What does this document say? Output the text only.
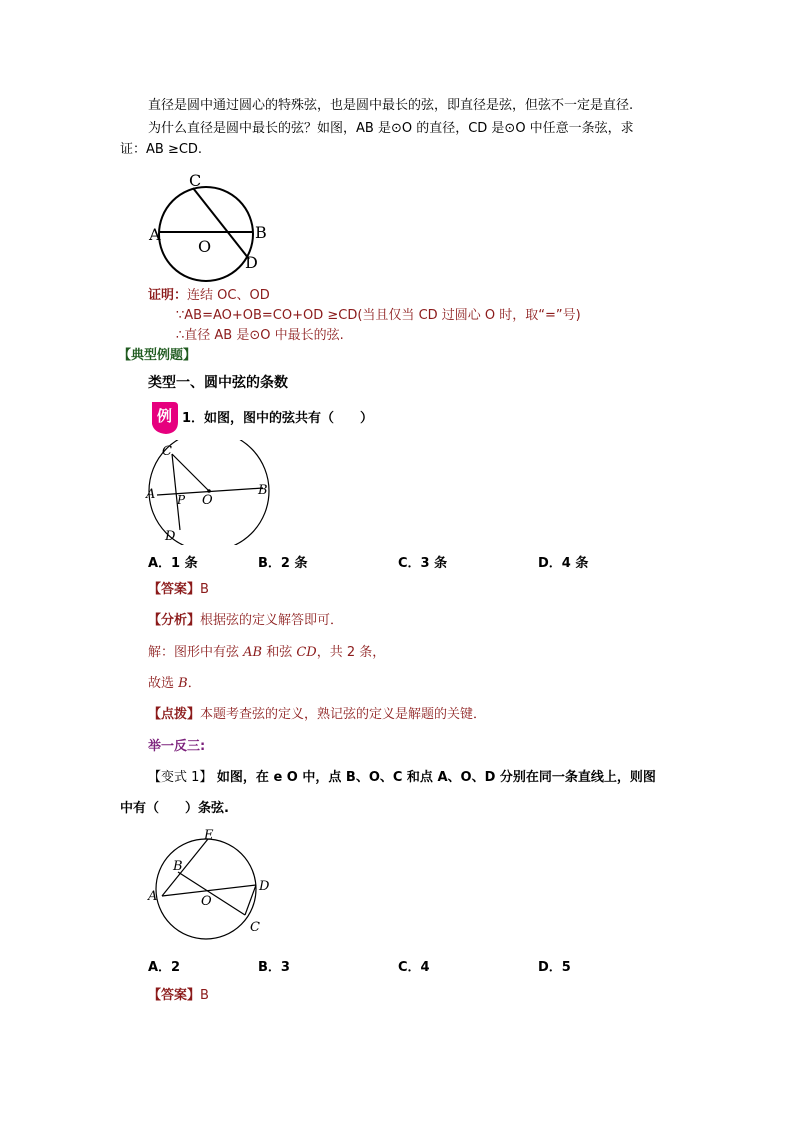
直径是圆中通过圆心的特殊弦，也是圆中最长的弦，即直径是弦，但弦不一定是直径.
为什么直径是圆中最长的弦？如图，AB 是⊙O 的直径，CD 是⊙O 中任意一条弦，求
证：AB ≥CD.
A	B
C
D
O
证明：连结 OC、OD
∵AB=AO+OB=CO+OD ≥CD(当且仅当 CD 过圆心 O 时，取“=”号)
∴直径 AB 是⊙O 中最长的弦.
【典型例题】
类型一、圆中弦的条数
例 1．如图，图中的弦共有（　　）
A	B
C
D
O
P
A．1 条	B．2 条	C．3 条	D．4 条
【答案】B
【分析】根据弦的定义解答即可．
解：图形中有弦 AB 和弦 CD，共 2 条，
故选 B．
【点拨】本题考查弦的定义，熟记弦的定义是解题的关键．
举一反三:
【变式 1】 如图，在 e O 中，点 B、O、C 和点 A、O、D 分别在同一条直线上，则图
中有（　　）条弦.
A
B
C
D
E
O
A．2	B．3	C．4	D．5
【答案】B
